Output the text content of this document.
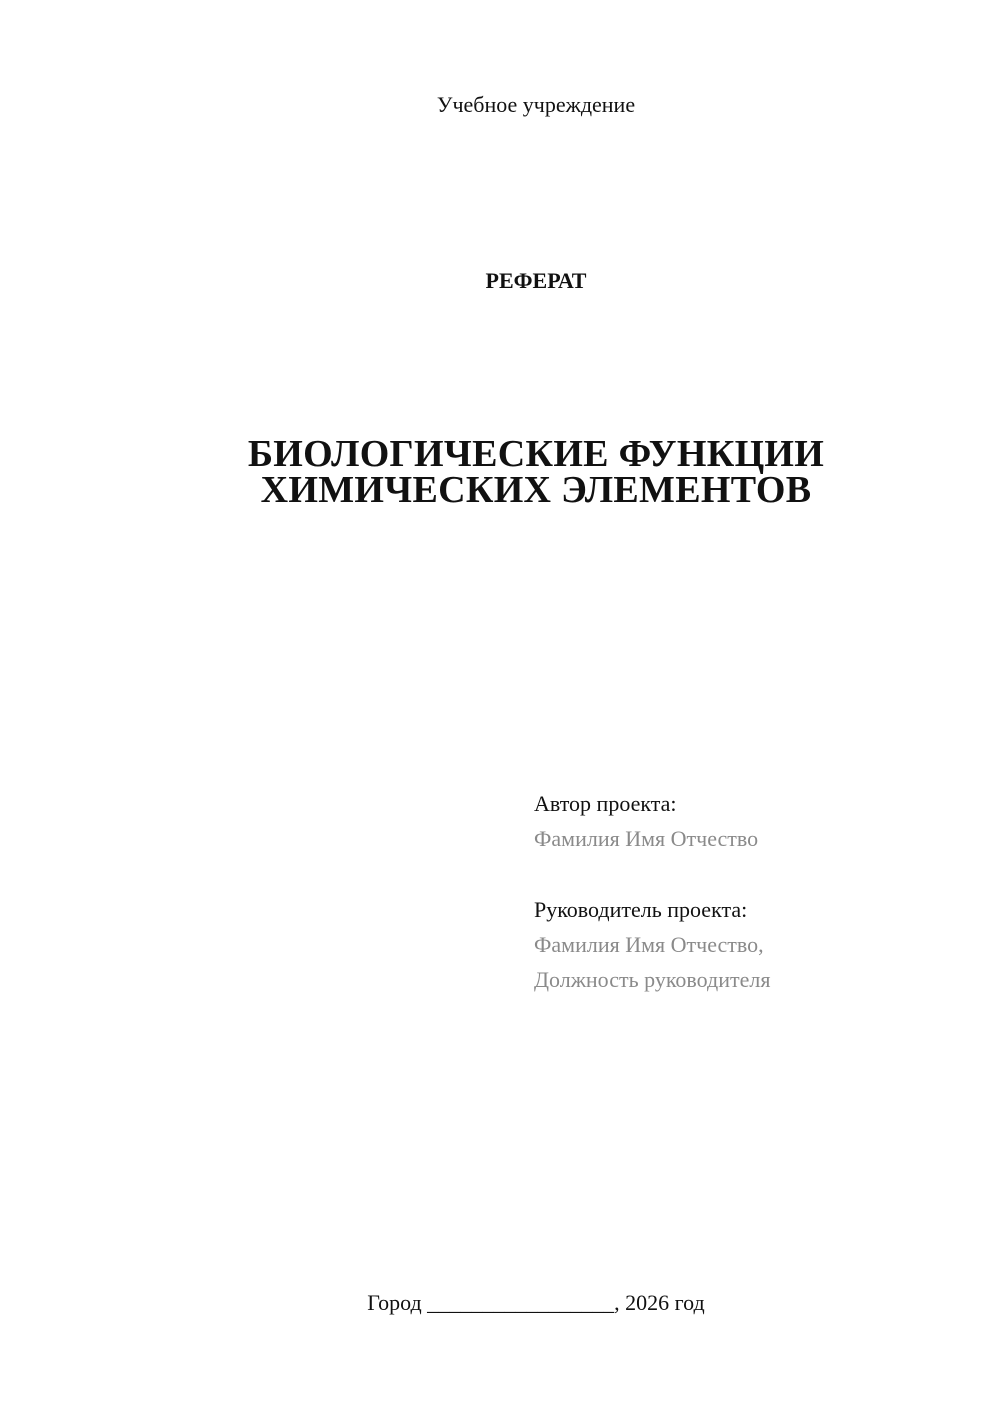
Учебное учреждение
РЕФЕРАТ
БИОЛОГИЧЕСКИЕ ФУНКЦИИ
ХИМИЧЕСКИХ ЭЛЕМЕНТОВ
Автор проекта:
Фамилия Имя Отчество
Руководитель проекта:
Фамилия Имя Отчество,
Должность руководителя
Город _________________, 2026 год
